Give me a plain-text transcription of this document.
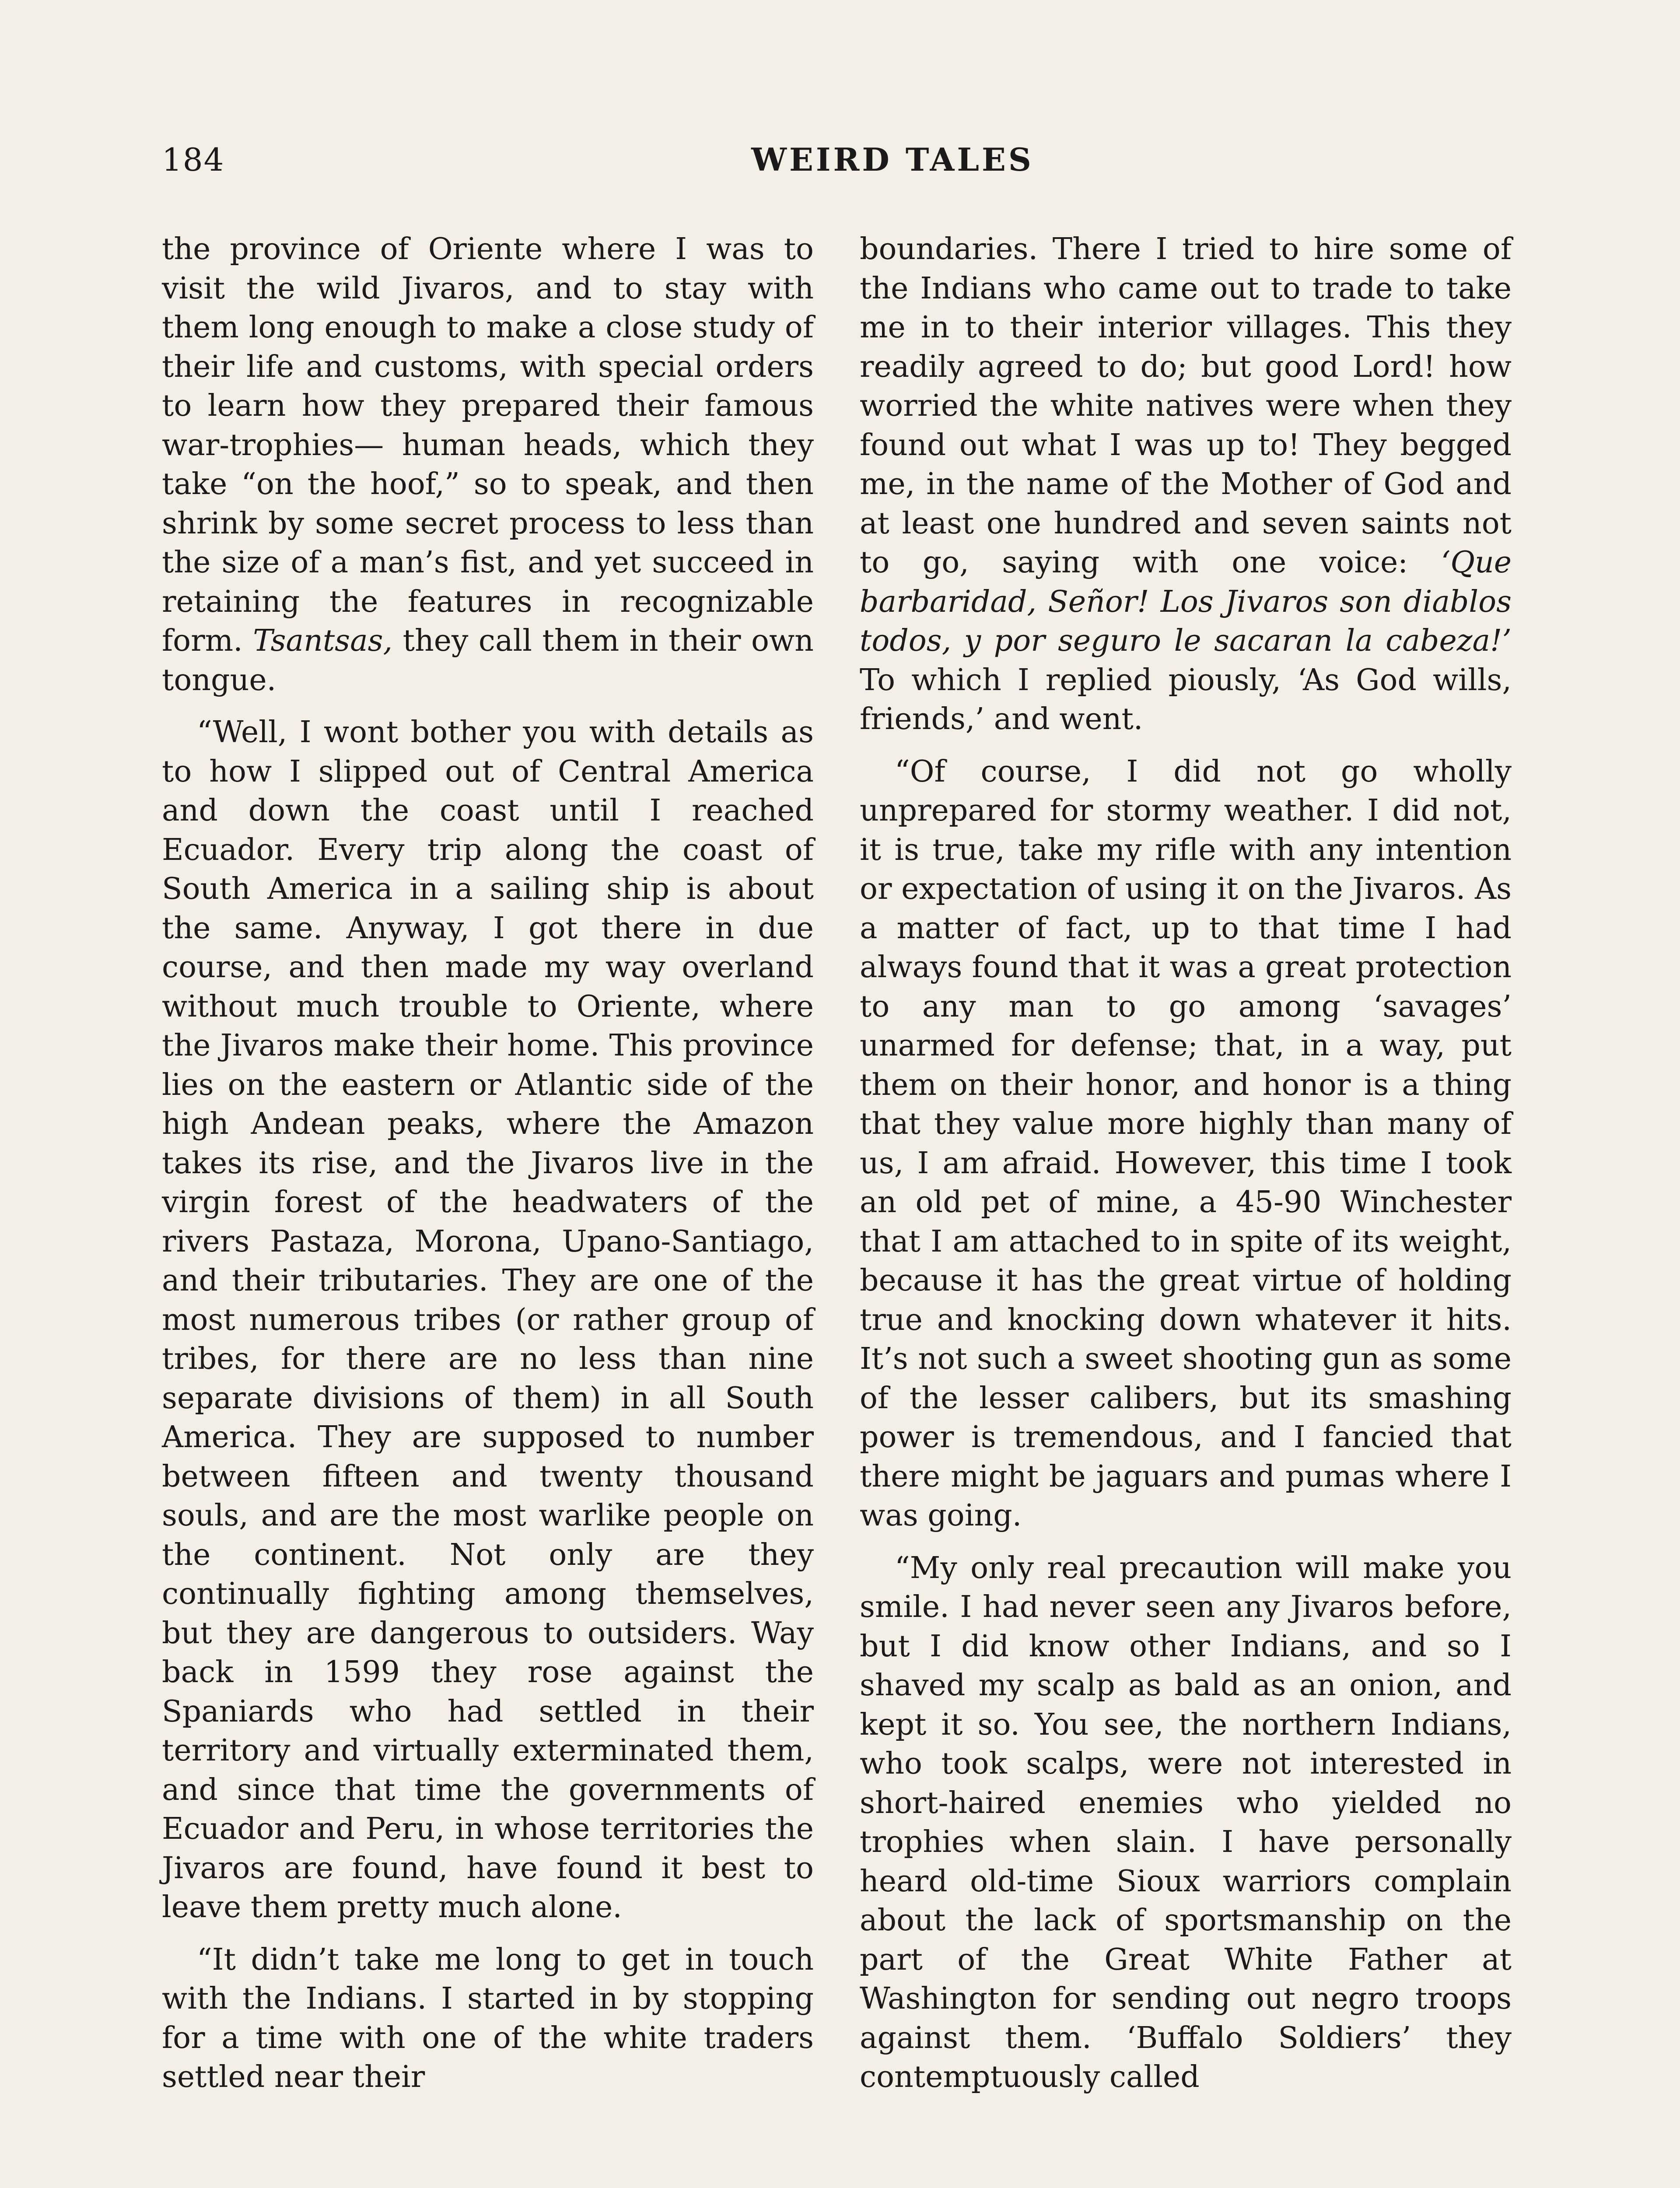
184	WEIRD TALES

the province of Oriente where I was to visit the wild Jivaros, and to stay with them long enough to make a close study of their life and customs, with special orders to learn how they prepared their famous war-trophies— human heads, which they take “on the hoof,” so to speak, and then shrink by some secret process to less than the size of a man’s fist, and yet succeed in retaining the features in recognizable form. Tsantsas, they call them in their own tongue.

“Well, I wont bother you with details as to how I slipped out of Central America and down the coast until I reached Ecuador. Every trip along the coast of South America in a sailing ship is about the same. Anyway, I got there in due course, and then made my way overland without much trouble to Oriente, where the Jivaros make their home. This province lies on the eastern or Atlantic side of the high Andean peaks, where the Amazon takes its rise, and the Jivaros live in the virgin forest of the headwaters of the rivers Pastaza, Morona, Upano-Santiago, and their tributaries. They are one of the most numerous tribes (or rather group of tribes, for there are no less than nine separate divisions of them) in all South America. They are supposed to number between fifteen and twenty thousand souls, and are the most warlike people on the continent. Not only are they continually fighting among themselves, but they are dangerous to outsiders. Way back in 1599 they rose against the Spaniards who had settled in their territory and virtually exterminated them, and since that time the governments of Ecuador and Peru, in whose territories the Jivaros are found, have found it best to leave them pretty much alone.

“It didn’t take me long to get in touch with the Indians. I started in by stopping for a time with one of the white traders settled near their

boundaries. There I tried to hire some of the Indians who came out to trade to take me in to their interior villages. This they readily agreed to do; but good Lord! how worried the white natives were when they found out what I was up to! They begged me, in the name of the Mother of God and at least one hundred and seven saints not to go, saying with one voice: ‘Que barbaridad, Señor! Los Jivaros son diablos todos, y por seguro le sacaran la cabeza!’ To which I replied piously, ‘As God wills, friends,’ and went.

“Of course, I did not go wholly unprepared for stormy weather. I did not, it is true, take my rifle with any intention or expectation of using it on the Jivaros. As a matter of fact, up to that time I had always found that it was a great protection to any man to go among ‘savages’ unarmed for defense; that, in a way, put them on their honor, and honor is a thing that they value more highly than many of us, I am afraid. However, this time I took an old pet of mine, a 45-90 Winchester that I am attached to in spite of its weight, because it has the great virtue of holding true and knocking down whatever it hits. It’s not such a sweet shooting gun as some of the lesser calibers, but its smashing power is tremendous, and I fancied that there might be jaguars and pumas where I was going.

“My only real precaution will make you smile. I had never seen any Jivaros before, but I did know other Indians, and so I shaved my scalp as bald as an onion, and kept it so. You see, the northern Indians, who took scalps, were not interested in short-haired enemies who yielded no trophies when slain. I have personally heard old-time Sioux warriors complain about the lack of sportsmanship on the part of the Great White Father at Washington for sending out negro troops against them. ‘Buffalo Soldiers’ they contemptuously called
